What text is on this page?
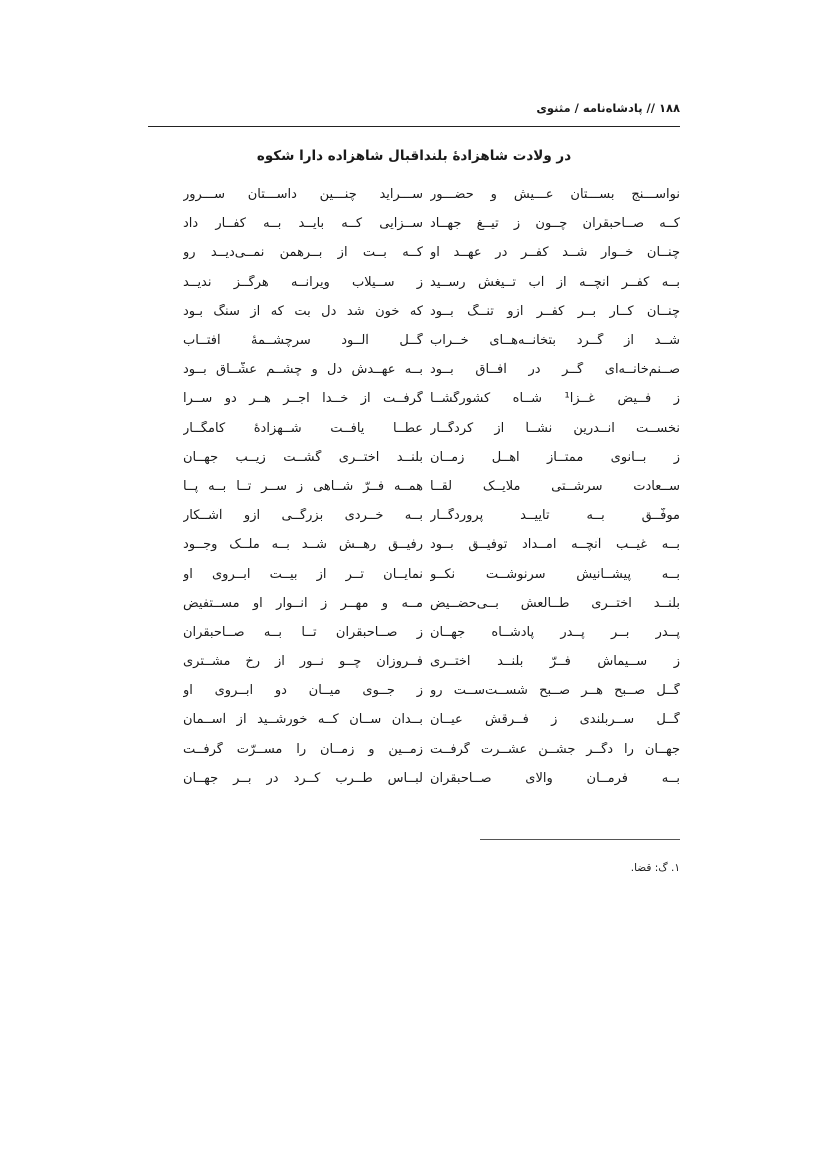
۱۸۸ // پادشاه‌نامه / مثنوی
در ولادت شاهزادهٔ بلنداقبال شاهزاده دارا شکوه
نواســـنج بســـتان عـــیش و حضـــور
ســـراید چنـــین داســـتان ســـرور
کــه صــاحبقران چــون ز تیــغ جهــاد
ســزایی کــه بایــد بــه کفــار داد
چنــان خــوار شــد کفــر در عهــد او
کــه بــت از بــرهمن نمــی‌دیــد رو
بــه کفــر آنچــه از آب تــیغش رســید
ز ســیلاب ویرانــه هرگــز ندیــد
چنــان کــار بــر کفــر ازو تنــگ بــود
که خون شد دل بت که از سنگ بـود
شــد از گــرد بتخانــه‌هــای خــراب
گــل آلــود سرچشــمهٔ آفتــاب
صــنم‌خانــه‌ای گــر در آفــاق بــود
بــه عهــدش دل و چشــم عشّــاق بــود
ز فــیض غــزا¹ شــاه کشورگشــا
گرفــت از خــدا اجــر هــر دو ســرا
نخســت انــدرین نشــأ از کردگــار
عطــا یافــت شــهزادهٔ کامگــار
ز بــانوی ممتــاز اهــل زمــان
بلنــد اختــری گشــت زیــب جهــان
ســعادت سرشــتی ملایــک لقــا
همــه فــرّ شــاهی ز ســر تــا بــه پــا
موفّــق بــه تاییــد پروردگــار
بــه خــردی بزرگــی ازو آشــکار
بــه غیــب آنچــه امــداد توفیــق بــود
رفیــق رهــش شــد بــه ملــک وجــود
بــه پیشــانیش سرنوشــت نکــو
نمایــان تــر از بیــت ابــروی او
بلنــد اختــری طــالعش بــی‌حضــیض
مــه و مهــر ز انــوار او مســتفیض
پــدر بــر پــدر پادشــاه جهــان
ز صــاحبقران تــا بــه صــاحبقران
ز ســیماش فــرّ بلنــد اختــری
فــروزان چــو نــور از رخ مشــتری
گــل صــبح هــر صــبح شســت‌ســت رو
ز جــوی میــان دو ابــروی او
گــل ســربلندی ز فــرقش عیــان
بــدان ســان کــه خورشــید از آســمان
جهــان را دگــر جشــن عشــرت گرفــت
زمــین و زمــان را مســرّت گرفــت
بــه فرمــان والای صــاحبقران
لبــاس طــرب کــرد در بــر جهــان
۱. گ: قضا.
